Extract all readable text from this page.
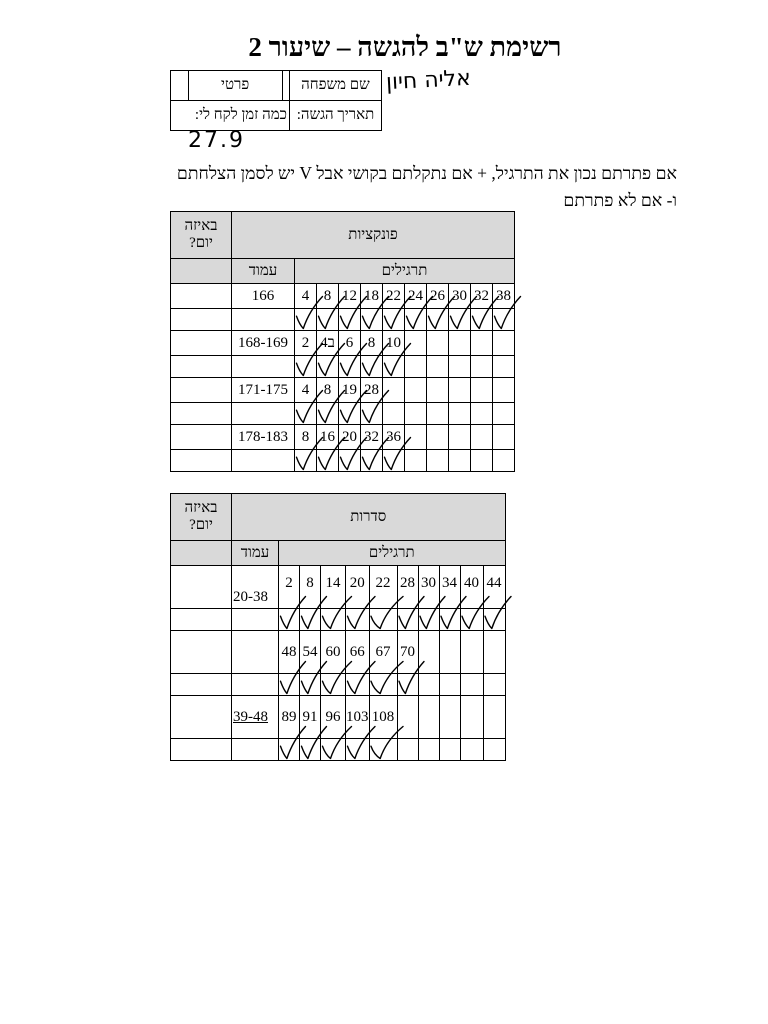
רשימת ש"ב להגשה – שיעור 2
שם משפחה		פרטי	
תאריך הגשה:	כמה זמן לקח לי:		
אליה חיון
27.9
אם פתרתם נכון את התרגיל, + אם נתקלתם בקושי אבל V יש לסמן הצלחתם ו- אם לא פתרתם
באיזה יום?	פונקציות										
	עמוד	תרגילים									
	166	4	8	12	18	22	24	26	30	32	38

	168-169	2	4ב	6	8	10					

	171-175	4	8	19	28						

	178-183	8	16	20	32	36					

באיזה יום?	סדרות										
	עמוד	תרגילים									
	20-38	2	8	14	20	22	28	30	34	40	44

		48	54	60	66	67	70				

	39-48	89	91	96	103	108					
